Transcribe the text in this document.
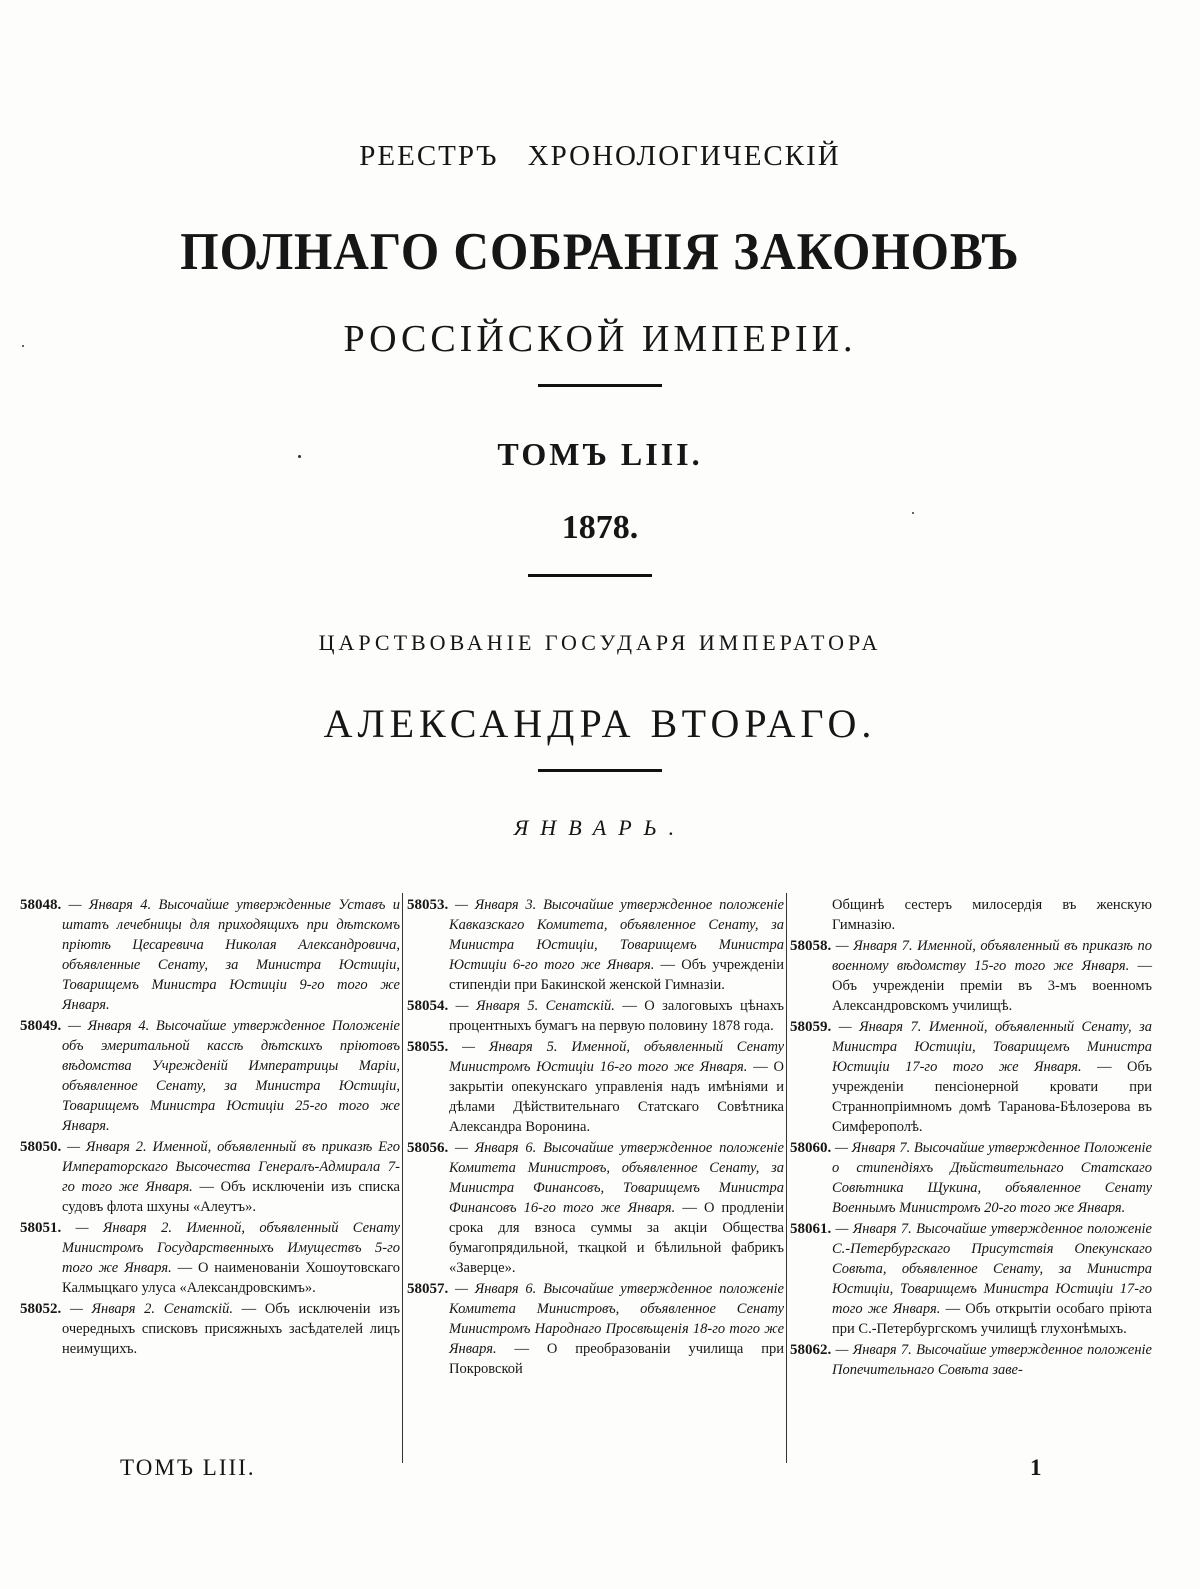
РЕЕСТРЪ ХРОНОЛОГИЧЕСКІЙ
ПОЛНАГО СОБРАНІЯ ЗАКОНОВЪ
РОССІЙСКОЙ ИМПЕРІИ.
ТОМЪ LIII.
1878.
ЦАРСТВОВАНІЕ ГОСУДАРЯ ИМПЕРАТОРА
АЛЕКСАНДРА ВТОРАГО.
ЯНВАРЬ.

58048. — Января 4. Высочайше утвержденные Уставъ и штатъ лечебницы для приходящихъ при дѣтскомъ пріютѣ Цесаревича Николая Александровича, объявленные Сенату, за Министра Юстиціи, Товарищемъ Министра Юстиціи 9-го того же Января.

58049. — Января 4. Высочайше утвержденное Положеніе объ эмеритальной кассѣ дѣтскихъ пріютовъ вѣдомства Учрежденій Императрицы Маріи, объявленное Сенату, за Министра Юстиціи, Товарищемъ Министра Юстиціи 25-го того же Января.

58050. — Января 2. Именной, объявленный въ приказѣ Его Императорскаго Высочества Генералъ-Адмирала 7-го того же Января. — Объ исключеніи изъ списка судовъ флота шхуны «Алеутъ».

58051. — Января 2. Именной, объявленный Сенату Министромъ Государственныхъ Имуществъ 5-го того же Января. — О наименованіи Хошоутовскаго Калмыцкаго улуса «Александровскимъ».

58052. — Января 2. Сенатскій. — Объ исключеніи изъ очередныхъ списковъ присяжныхъ засѣдателей лицъ неимущихъ.

58053. — Января 3. Высочайше утвержденное положеніе Кавказскаго Комитета, объявленное Сенату, за Министра Юстиціи, Товарищемъ Министра Юстиціи 6-го того же Января. — Объ учрежденіи стипендіи при Бакинской женской Гимназіи.

58054. — Января 5. Сенатскій. — О залоговыхъ цѣнахъ процентныхъ бумагъ на первую половину 1878 года.

58055. — Января 5. Именной, объявленный Сенату Министромъ Юстиціи 16-го того же Января. — О закрытіи опекунскаго управленія надъ имѣніями и дѣлами Дѣйствительнаго Статскаго Совѣтника Александра Воронина.

58056. — Января 6. Высочайше утвержденное положеніе Комитета Министровъ, объявленное Сенату, за Министра Финансовъ, Товарищемъ Министра Финансовъ 16-го того же Января. — О продленіи срока для взноса суммы за акціи Общества бумагопрядильной, ткацкой и бѣлильной фабрикъ «Заверце».

58057. — Января 6. Высочайше утвержденное положеніе Комитета Министровъ, объявленное Сенату Министромъ Народнаго Просвѣщенія 18-го того же Января. — О преобразованіи училища при Покровской

Общинѣ сестеръ милосердія въ женскую Гимназію.

58058. — Января 7. Именной, объявленный въ приказѣ по военному вѣдомству 15-го того же Января. — Объ учрежденіи преміи въ 3-мъ военномъ Александровскомъ училищѣ.

58059. — Января 7. Именной, объявленный Сенату, за Министра Юстиціи, Товарищемъ Министра Юстиціи 17-го того же Января. — Объ учрежденіи пенсіонерной кровати при Страннопріимномъ домѣ Таранова-Бѣлозерова въ Симферополѣ.

58060. — Января 7. Высочайше утвержденное Положеніе о стипендіяхъ Дѣйствительнаго Статскаго Совѣтника Щукина, объявленное Сенату Военнымъ Министромъ 20-го того же Января.

58061. — Января 7. Высочайше утвержденное положеніе С.-Петербургскаго Присутствія Опекунскаго Совѣта, объявленное Сенату, за Министра Юстиціи, Товарищемъ Министра Юстиціи 17-го того же Января. — Объ открытіи особаго пріюта при С.-Петербургскомъ училищѣ глухонѣмыхъ.

58062. — Января 7. Высочайше утвержденное положеніе Попечительнаго Совѣта заве-

ТОМЪ LIII.	1
